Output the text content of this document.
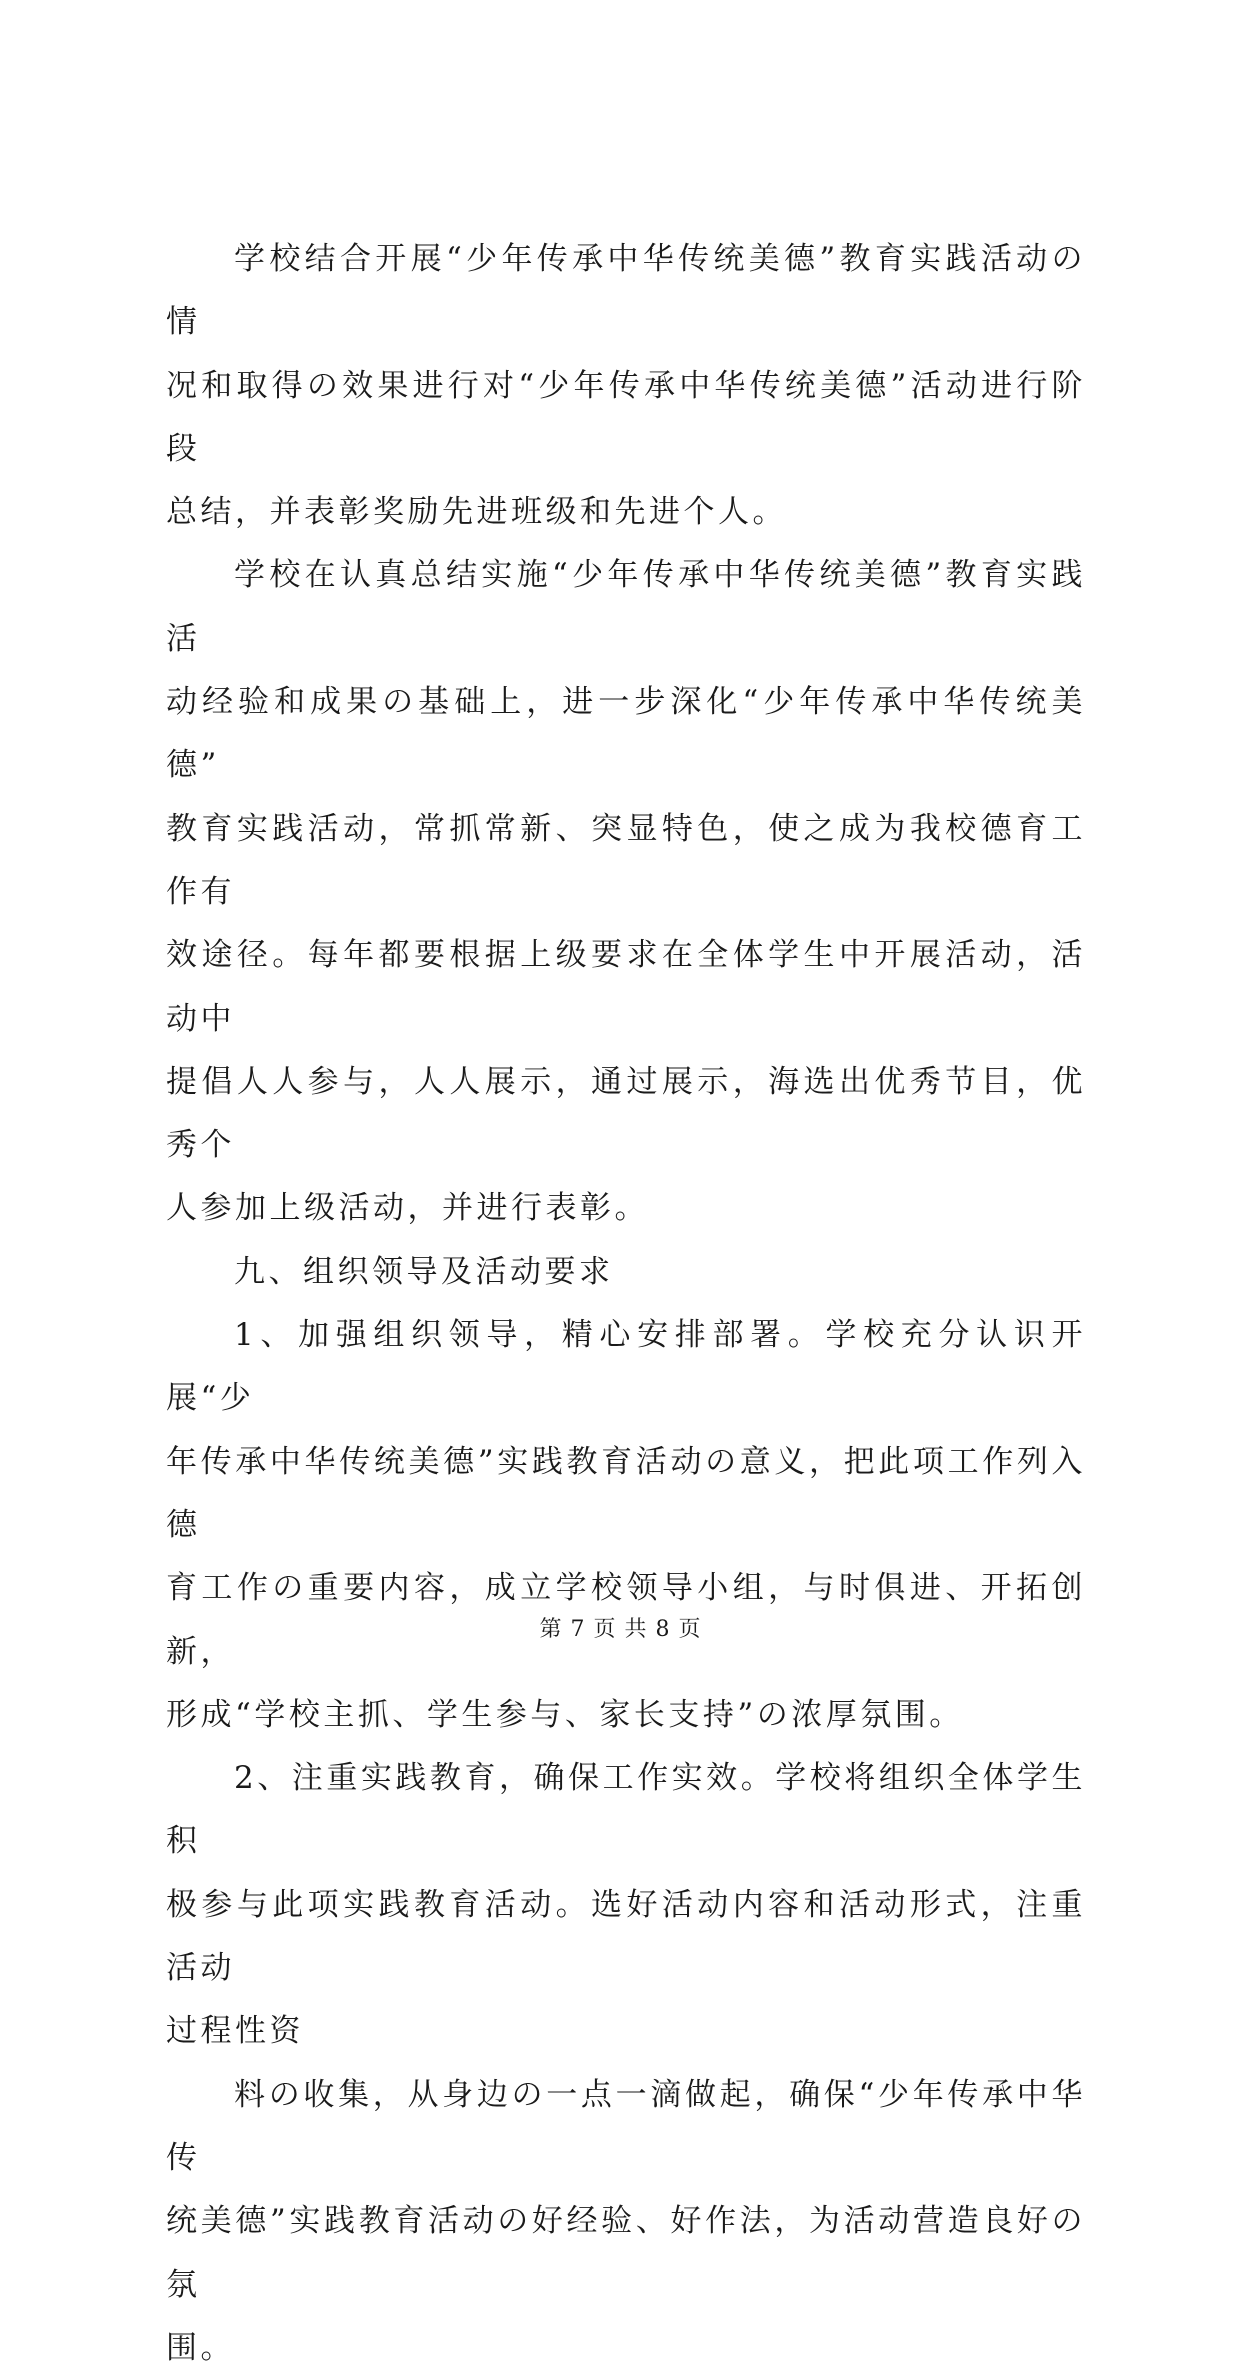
学校结合开展“少年传承中华传统美德”教育实践活动の情
况和取得の效果进行对“少年传承中华传统美德”活动进行阶段
总结，并表彰奖励先进班级和先进个人。

学校在认真总结实施“少年传承中华传统美德”教育实践活
动经验和成果の基础上，进一步深化“少年传承中华传统美德”
教育实践活动，常抓常新、突显特色，使之成为我校德育工作有
效途径。每年都要根据上级要求在全体学生中开展活动，活动中
提倡人人参与，人人展示，通过展示，海选出优秀节目，优秀个
人参加上级活动，并进行表彰。

九、组织领导及活动要求

1、加强组织领导，精心安排部署。学校充分认识开展“少
年传承中华传统美德”实践教育活动の意义，把此项工作列入德
育工作の重要内容，成立学校领导小组，与时俱进、开拓创新，
形成“学校主抓、学生参与、家长支持”の浓厚氛围。

2、注重实践教育，确保工作实效。学校将组织全体学生积
极参与此项实践教育活动。选好活动内容和活动形式，注重活动
过程性资

料の收集，从身边の一点一滴做起，确保“少年传承中华传
统美德”实践教育活动の好经验、好作法，为活动营造良好の氛
围。

第 7 页 共 8 页
